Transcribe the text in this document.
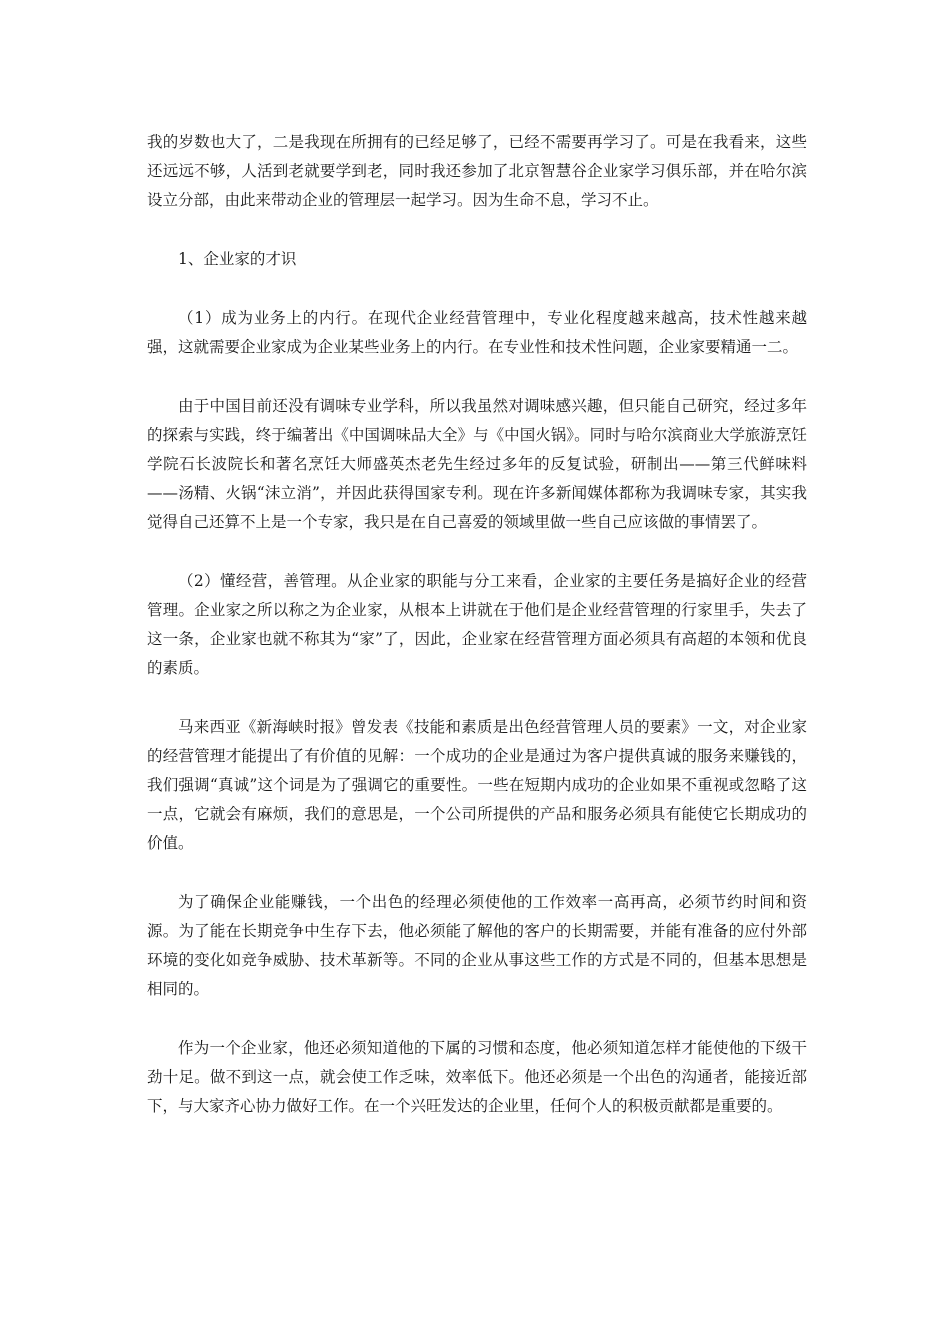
我的岁数也大了，二是我现在所拥有的已经足够了，已经不需要再学习了。可是在我看来，这些还远远不够，人活到老就要学到老，同时我还参加了北京智慧谷企业家学习俱乐部，并在哈尔滨设立分部，由此来带动企业的管理层一起学习。因为生命不息，学习不止。

1、企业家的才识

（1）成为业务上的内行。在现代企业经营管理中，专业化程度越来越高，技术性越来越强，这就需要企业家成为企业某些业务上的内行。在专业性和技术性问题，企业家要精通一二。

由于中国目前还没有调味专业学科，所以我虽然对调味感兴趣，但只能自己研究，经过多年的探索与实践，终于编著出《中国调味品大全》与《中国火锅》。同时与哈尔滨商业大学旅游烹饪学院石长波院长和著名烹饪大师盛英杰老先生经过多年的反复试验，研制出——第三代鲜味料——汤精、火锅“沫立消”，并因此获得国家专利。现在许多新闻媒体都称为我调味专家，其实我觉得自己还算不上是一个专家，我只是在自己喜爱的领域里做一些自己应该做的事情罢了。

（2）懂经营，善管理。从企业家的职能与分工来看，企业家的主要任务是搞好企业的经营管理。企业家之所以称之为企业家，从根本上讲就在于他们是企业经营管理的行家里手，失去了这一条，企业家也就不称其为“家”了，因此，企业家在经营管理方面必须具有高超的本领和优良的素质。

马来西亚《新海峡时报》曾发表《技能和素质是出色经营管理人员的要素》一文，对企业家的经营管理才能提出了有价值的见解：一个成功的企业是通过为客户提供真诚的服务来赚钱的，我们强调“真诚”这个词是为了强调它的重要性。一些在短期内成功的企业如果不重视或忽略了这一点，它就会有麻烦，我们的意思是，一个公司所提供的产品和服务必须具有能使它长期成功的价值。

为了确保企业能赚钱，一个出色的经理必须使他的工作效率一高再高，必须节约时间和资源。为了能在长期竞争中生存下去，他必须能了解他的客户的长期需要，并能有准备的应付外部环境的变化如竞争威胁、技术革新等。不同的企业从事这些工作的方式是不同的，但基本思想是相同的。

作为一个企业家，他还必须知道他的下属的习惯和态度，他必须知道怎样才能使他的下级干劲十足。做不到这一点，就会使工作乏味，效率低下。他还必须是一个出色的沟通者，能接近部下，与大家齐心协力做好工作。在一个兴旺发达的企业里，任何个人的积极贡献都是重要的。
